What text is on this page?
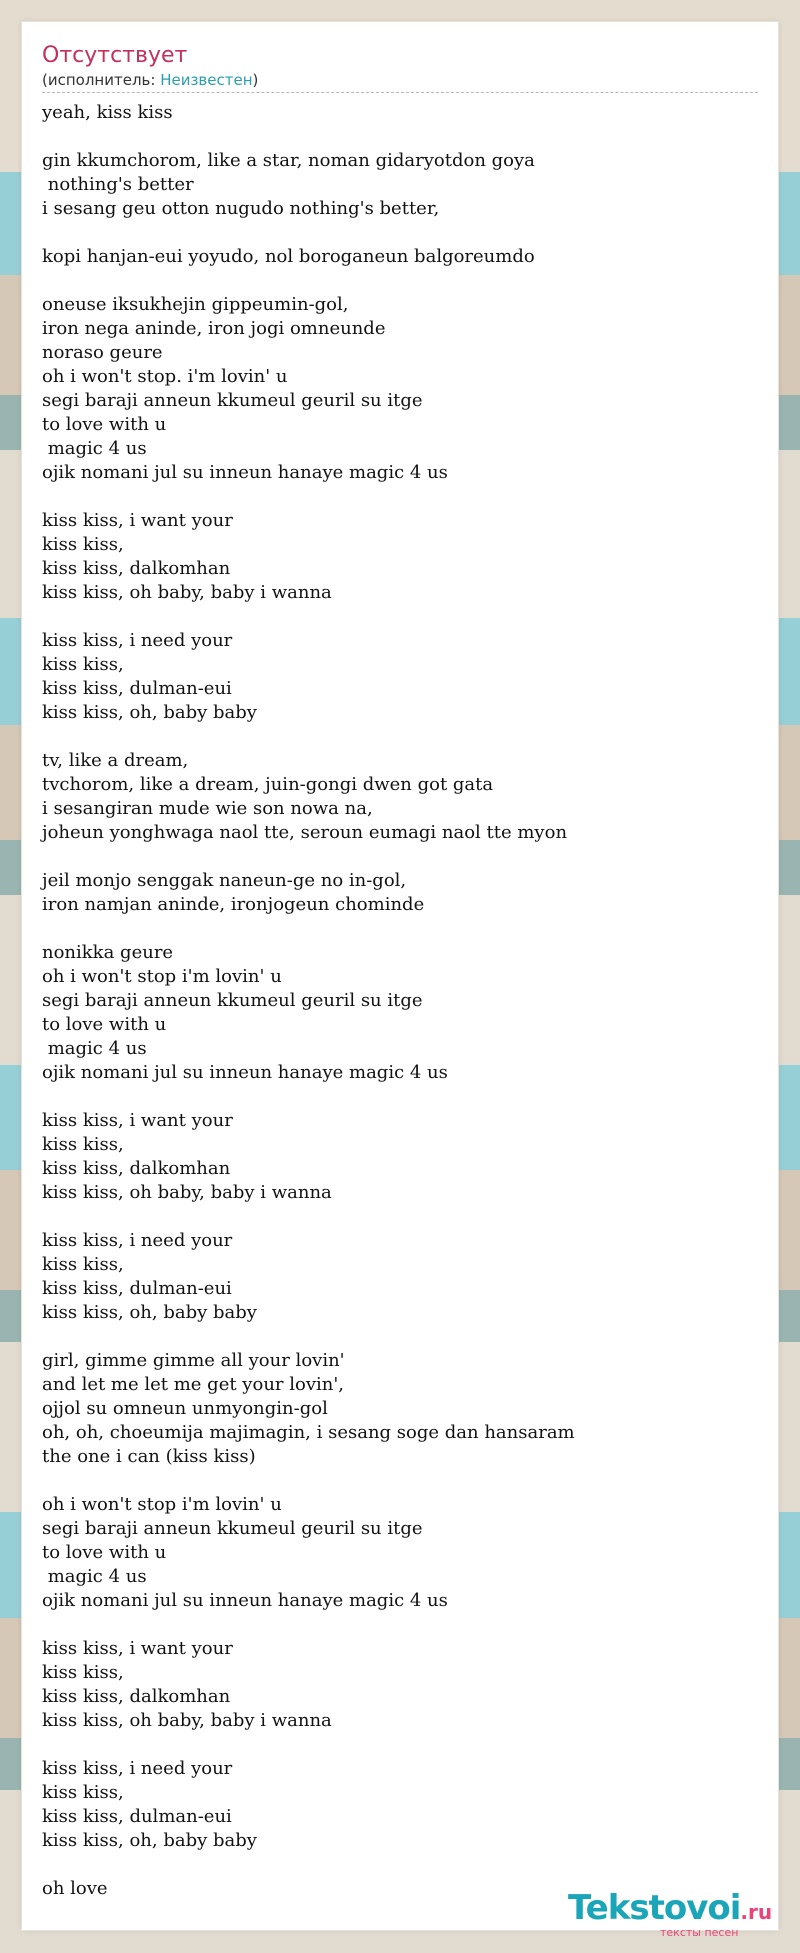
Отсутствует
(исполнитель: Неизвестен)
yeah, kiss kiss
gin kkumchorom, like a star, noman gidaryotdon goya
nothing's better
i sesang geu otton nugudo nothing's better,
kopi hanjan-eui yoyudo, nol boroganeun balgoreumdo
oneuse iksukhejin gippeumin-gol,
iron nega aninde, iron jogi omneunde
noraso geure
oh i won't stop. i'm lovin' u
segi baraji anneun kkumeul geuril su itge
to love with u
magic 4 us
ojik nomani jul su inneun hanaye magic 4 us
kiss kiss, i want your
kiss kiss,
kiss kiss, dalkomhan
kiss kiss, oh baby, baby i wanna
kiss kiss, i need your
kiss kiss,
kiss kiss, dulman-eui
kiss kiss, oh, baby baby
tv, like a dream,
tvchorom, like a dream, juin-gongi dwen got gata
i sesangiran mude wie son nowa na,
joheun yonghwaga naol tte, seroun eumagi naol tte myon
jeil monjo senggak naneun-ge no in-gol,
iron namjan aninde, ironjogeun chominde
nonikka geure
oh i won't stop i'm lovin' u
segi baraji anneun kkumeul geuril su itge
to love with u
magic 4 us
ojik nomani jul su inneun hanaye magic 4 us
kiss kiss, i want your
kiss kiss,
kiss kiss, dalkomhan
kiss kiss, oh baby, baby i wanna
kiss kiss, i need your
kiss kiss,
kiss kiss, dulman-eui
kiss kiss, oh, baby baby
girl, gimme gimme all your lovin'
and let me let me get your lovin',
ojjol su omneun unmyongin-gol
oh, oh, choeumija majimagin, i sesang soge dan hansaram
the one i can (kiss kiss)
oh i won't stop i'm lovin' u
segi baraji anneun kkumeul geuril su itge
to love with u
magic 4 us
ojik nomani jul su inneun hanaye magic 4 us
kiss kiss, i want your
kiss kiss,
kiss kiss, dalkomhan
kiss kiss, oh baby, baby i wanna
kiss kiss, i need your
kiss kiss,
kiss kiss, dulman-eui
kiss kiss, oh, baby baby
oh love	Tekstovoi.ru
тексты песен
